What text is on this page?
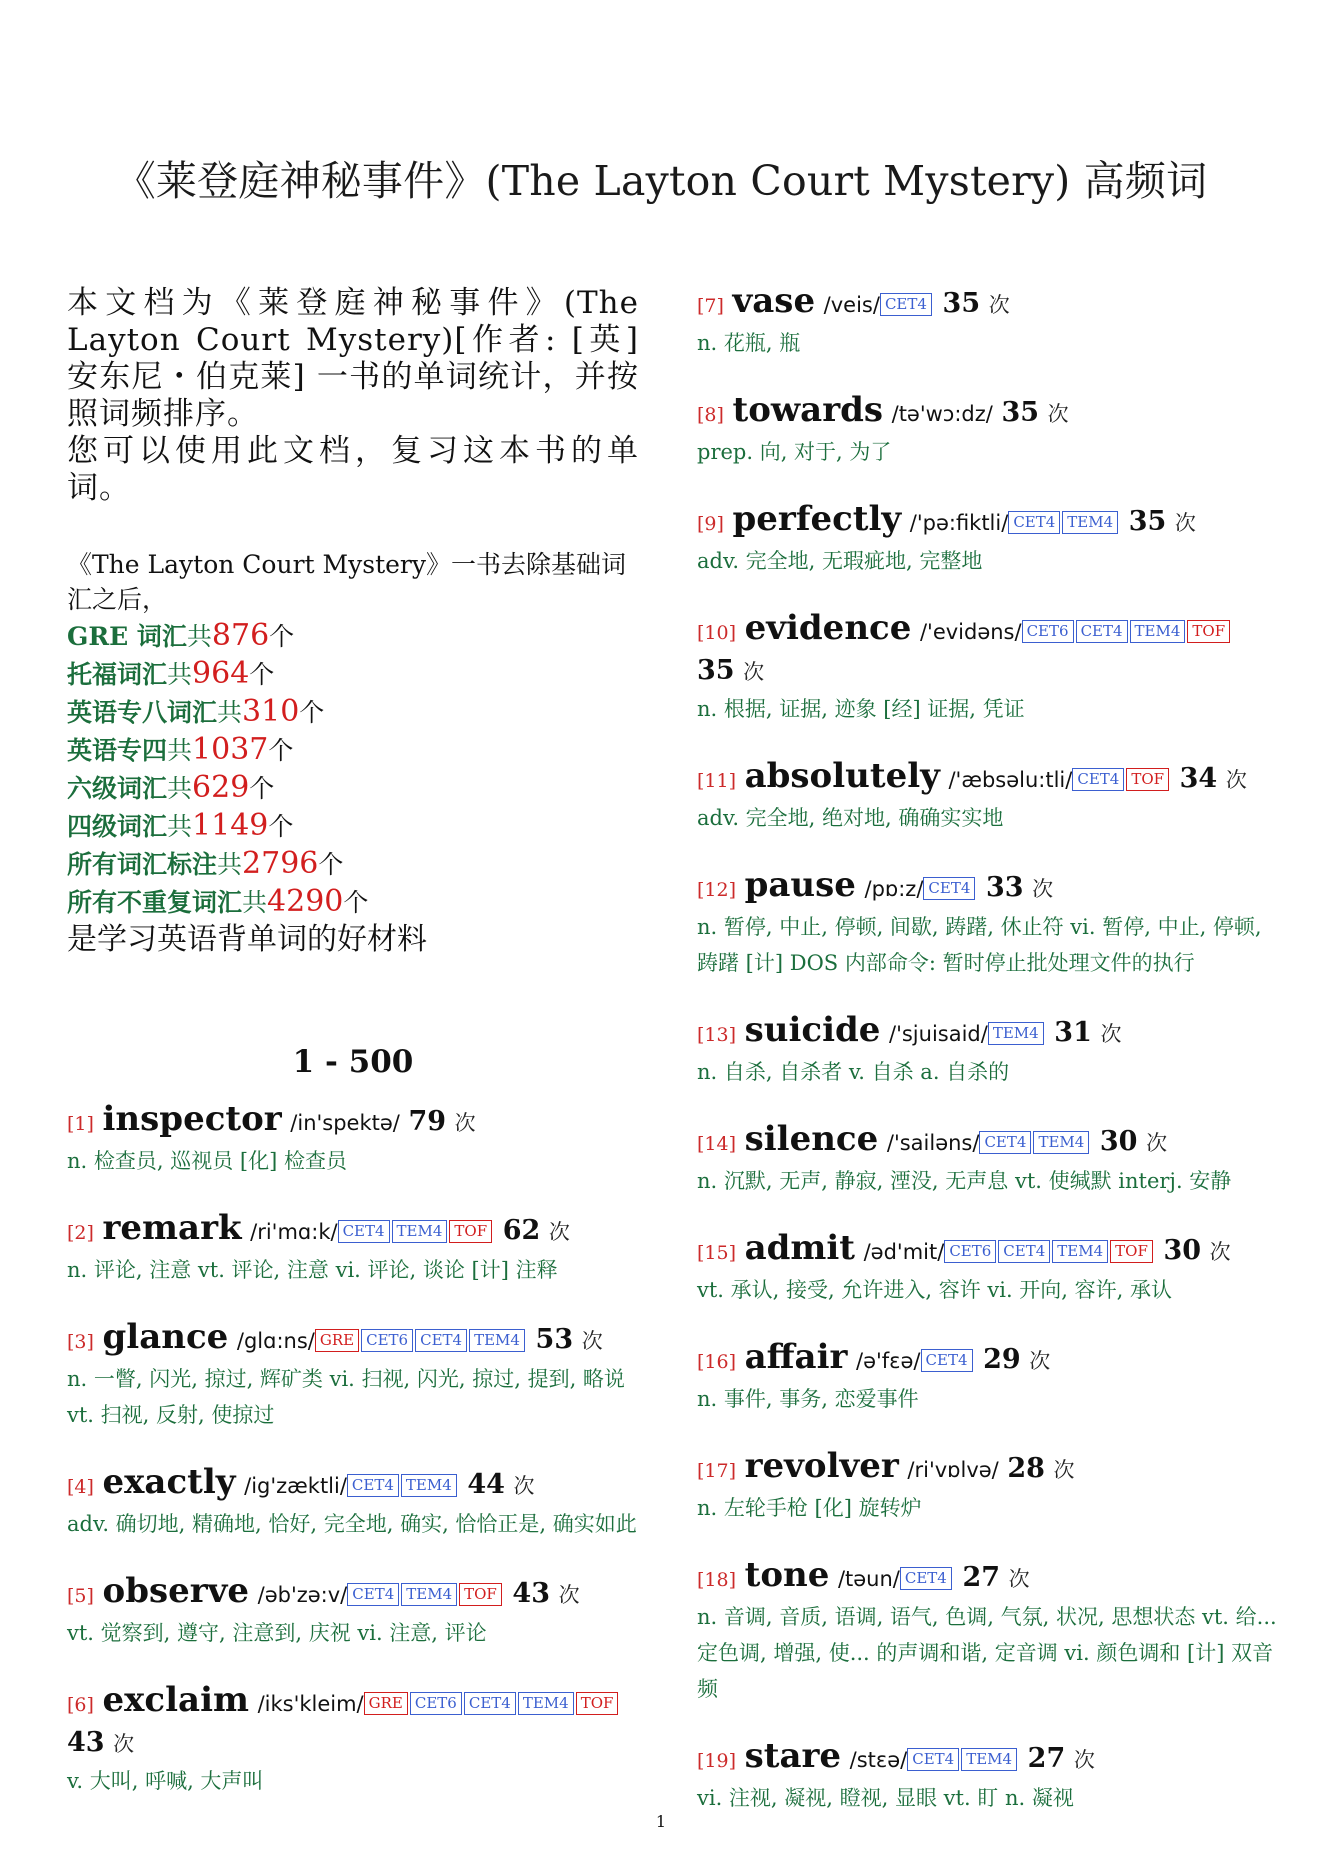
《莱登庭神秘事件》(The Layton Court Mystery) 高频词
本文档为《莱登庭神秘事件》(The Layton Court Mystery)[作者: [英] 安东尼・伯克莱] 一书的单词统计，并按照词频排序。
您可以使用此文档，复习这本书的单词。
《The Layton Court Mystery》一书去除基础词汇之后，
GRE 词汇共876个
托福词汇共964个
英语专八词汇共310个
英语专四共1037个
六级词汇共629个
四级词汇共1149个
所有词汇标注共2796个
所有不重复词汇共4290个
是学习英语背单词的好材料
1 - 500
[1] inspector /in'spektə/ 79 次
n. 检查员, 巡视员 [化] 检查员
[2] remark /ri'mɑ:k/ CET4 TEM4 TOF 62 次
n. 评论, 注意 vt. 评论, 注意 vi. 评论, 谈论 [计] 注释
[3] glance /glɑ:ns/ GRE CET6 CET4 TEM4 53 次
n. 一瞥, 闪光, 掠过, 辉矿类 vi. 扫视, 闪光, 掠过, 提到, 略说 vt. 扫视, 反射, 使掠过
[4] exactly /ig'zæktli/ CET4 TEM4 44 次
adv. 确切地, 精确地, 恰好, 完全地, 确实, 恰恰正是, 确实如此
[5] observe /əb'zə:v/ CET4 TEM4 TOF 43 次
vt. 觉察到, 遵守, 注意到, 庆祝 vi. 注意, 评论
[6] exclaim /iks'kleim/ GRE CET6 CET4 TEM4 TOF 43 次
v. 大叫, 呼喊, 大声叫
[7] vase /veis/ CET4 35 次
n. 花瓶, 瓶
[8] towards /tə'wɔ:dz/ 35 次
prep. 向, 对于, 为了
[9] perfectly /'pə:fiktli/ CET4 TEM4 35 次
adv. 完全地, 无瑕疵地, 完整地
[10] evidence /'evidəns/ CET6 CET4 TEM4 TOF 35 次
n. 根据, 证据, 迹象 [经] 证据, 凭证
[11] absolutely /'æbsəlu:tli/ CET4 TOF 34 次
adv. 完全地, 绝对地, 确确实实地
[12] pause /pɒ:z/ CET4 33 次
n. 暂停, 中止, 停顿, 间歇, 踌躇, 休止符 vi. 暂停, 中止, 停顿, 踌躇 [计] DOS 内部命令: 暂时停止批处理文件的执行
[13] suicide /'sjuisaid/ TEM4 31 次
n. 自杀, 自杀者 v. 自杀 a. 自杀的
[14] silence /'sailəns/ CET4 TEM4 30 次
n. 沉默, 无声, 静寂, 湮没, 无声息 vt. 使缄默 interj. 安静
[15] admit /əd'mit/ CET6 CET4 TEM4 TOF 30 次
vt. 承认, 接受, 允许进入, 容许 vi. 开向, 容许, 承认
[16] affair /ə'fɛə/ CET4 29 次
n. 事件, 事务, 恋爱事件
[17] revolver /ri'vɒlvə/ 28 次
n. 左轮手枪 [化] 旋转炉
[18] tone /təun/ CET4 27 次
n. 音调, 音质, 语调, 语气, 色调, 气氛, 状况, 思想状态 vt. 给... 定色调, 增强, 使... 的声调和谐, 定音调 vi. 颜色调和 [计] 双音频
[19] stare /stɛə/ CET4 TEM4 27 次
vi. 注视, 凝视, 瞪视, 显眼 vt. 盯 n. 凝视
1
